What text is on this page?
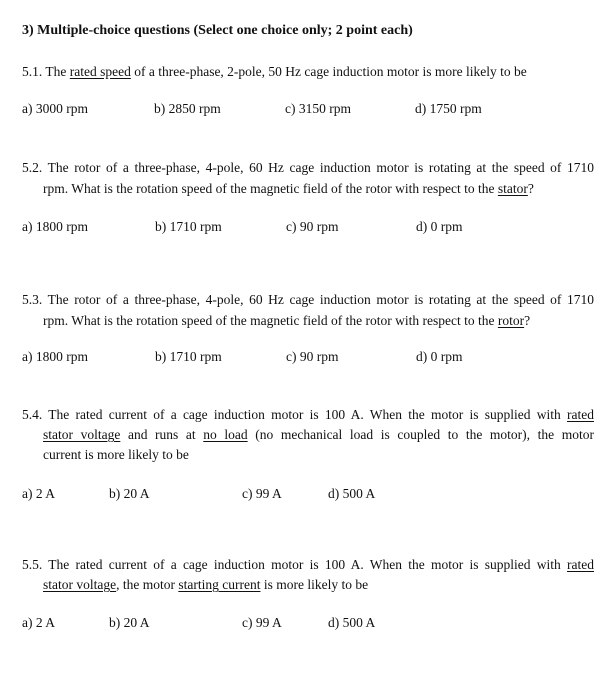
3) Multiple-choice questions (Select one choice only; 2 point each)
5.1. The rated speed of a three-phase, 2-pole, 50 Hz cage induction motor is more likely to be
a) 3000 rpm	b) 2850 rpm	c) 3150 rpm	d) 1750 rpm
5.2. The rotor of a three-phase, 4-pole, 60 Hz cage induction motor is rotating at the speed of 1710
rpm. What is the rotation speed of the magnetic field of the rotor with respect to the stator?
a) 1800 rpm	b) 1710 rpm	c) 90 rpm	d) 0 rpm
5.3. The rotor of a three-phase, 4-pole, 60 Hz cage induction motor is rotating at the speed of 1710
rpm. What is the rotation speed of the magnetic field of the rotor with respect to the rotor?
a) 1800 rpm	b) 1710 rpm	c) 90 rpm	d) 0 rpm
5.4. The rated current of a cage induction motor is 100 A. When the motor is supplied with rated
stator voltage and runs at no load (no mechanical load is coupled to the motor), the motor
current is more likely to be
a) 2 A	b) 20 A	c) 99 A	d) 500 A
5.5. The rated current of a cage induction motor is 100 A. When the motor is supplied with rated
stator voltage, the motor starting current is more likely to be
a) 2 A	b) 20 A	c) 99 A	d) 500 A
